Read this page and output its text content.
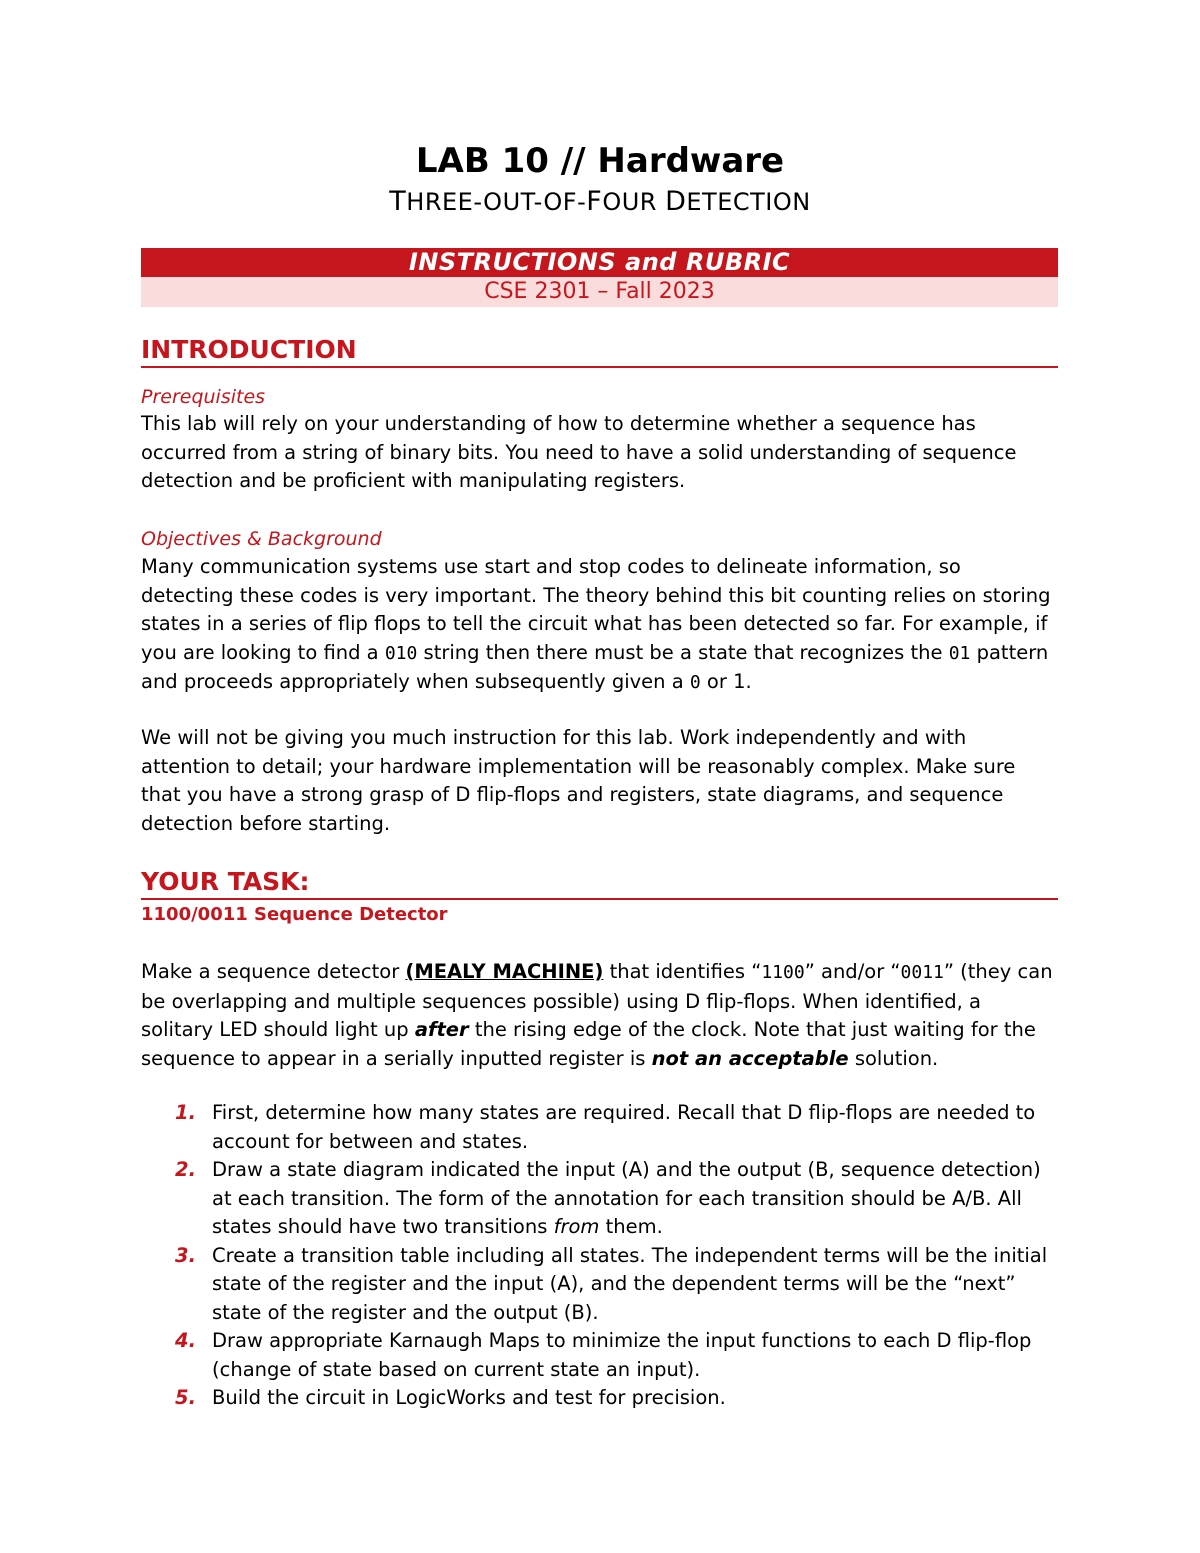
LAB 10 // Hardware
THREE-OUT-OF-FOUR DETECTION
INSTRUCTIONS and RUBRIC
CSE 2301 – Fall 2023
INTRODUCTION
Prerequisites
This lab will rely on your understanding of how to determine whether a sequence has occurred from a string of binary bits. You need to have a solid understanding of sequence detection and be proficient with manipulating registers.
Objectives & Background
Many communication systems use start and stop codes to delineate information, so detecting these codes is very important. The theory behind this bit counting relies on storing states in a series of flip flops to tell the circuit what has been detected so far. For example, if you are looking to find a 010 string then there must be a state that recognizes the 01 pattern and proceeds appropriately when subsequently given a 0 or 1.
We will not be giving you much instruction for this lab. Work independently and with attention to detail; your hardware implementation will be reasonably complex. Make sure that you have a strong grasp of D flip-flops and registers, state diagrams, and sequence detection before starting.
YOUR TASK:
1100/0011 Sequence Detector
Make a sequence detector (MEALY MACHINE) that identifies “1100” and/or “0011” (they can be overlapping and multiple sequences possible) using D flip-flops. When identified, a solitary LED should light up after the rising edge of the clock. Note that just waiting for the sequence to appear in a serially inputted register is not an acceptable solution.
1. First, determine how many states are required. Recall that D flip-flops are needed to account for between and states.
2. Draw a state diagram indicated the input (A) and the output (B, sequence detection) at each transition. The form of the annotation for each transition should be A/B. All states should have two transitions from them.
3. Create a transition table including all states. The independent terms will be the initial state of the register and the input (A), and the dependent terms will be the “next” state of the register and the output (B).
4. Draw appropriate Karnaugh Maps to minimize the input functions to each D flip-flop (change of state based on current state an input).
5. Build the circuit in LogicWorks and test for precision.
